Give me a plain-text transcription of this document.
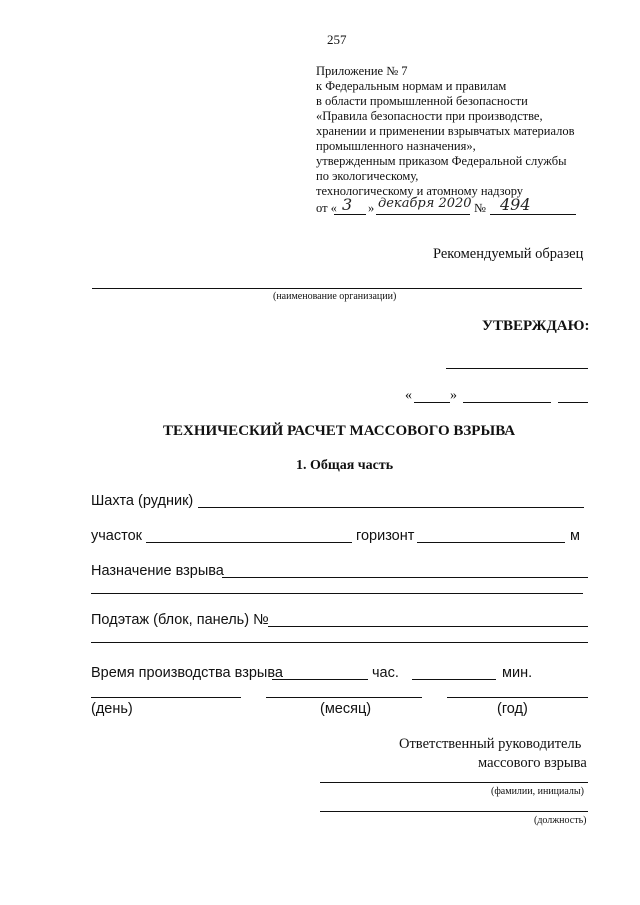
257
Приложение № 7
к Федеральным нормам и правилам
в области промышленной безопасности
«Правила безопасности при производстве,
хранении и применении взрывчатых материалов
промышленного назначения»,
утвержденным приказом Федеральной службы
по экологическому,
технологическому и атомному надзору
от « 3 » декабря 2020 № 494
Рекомендуемый образец
(наименование организации)
УТВЕРЖДАЮ:
«	»
ТЕХНИЧЕСКИЙ РАСЧЕТ МАССОВОГО ВЗРЫВА
1. Общая часть
Шахта (рудник)
участок	горизонт	м
Назначение взрыва
Подэтаж (блок, панель) №
Время производства взрыва	час.	мин.
(день)	(месяц)	(год)
Ответственный руководитель
массового взрыва
(фамилии, инициалы)
(должность)
